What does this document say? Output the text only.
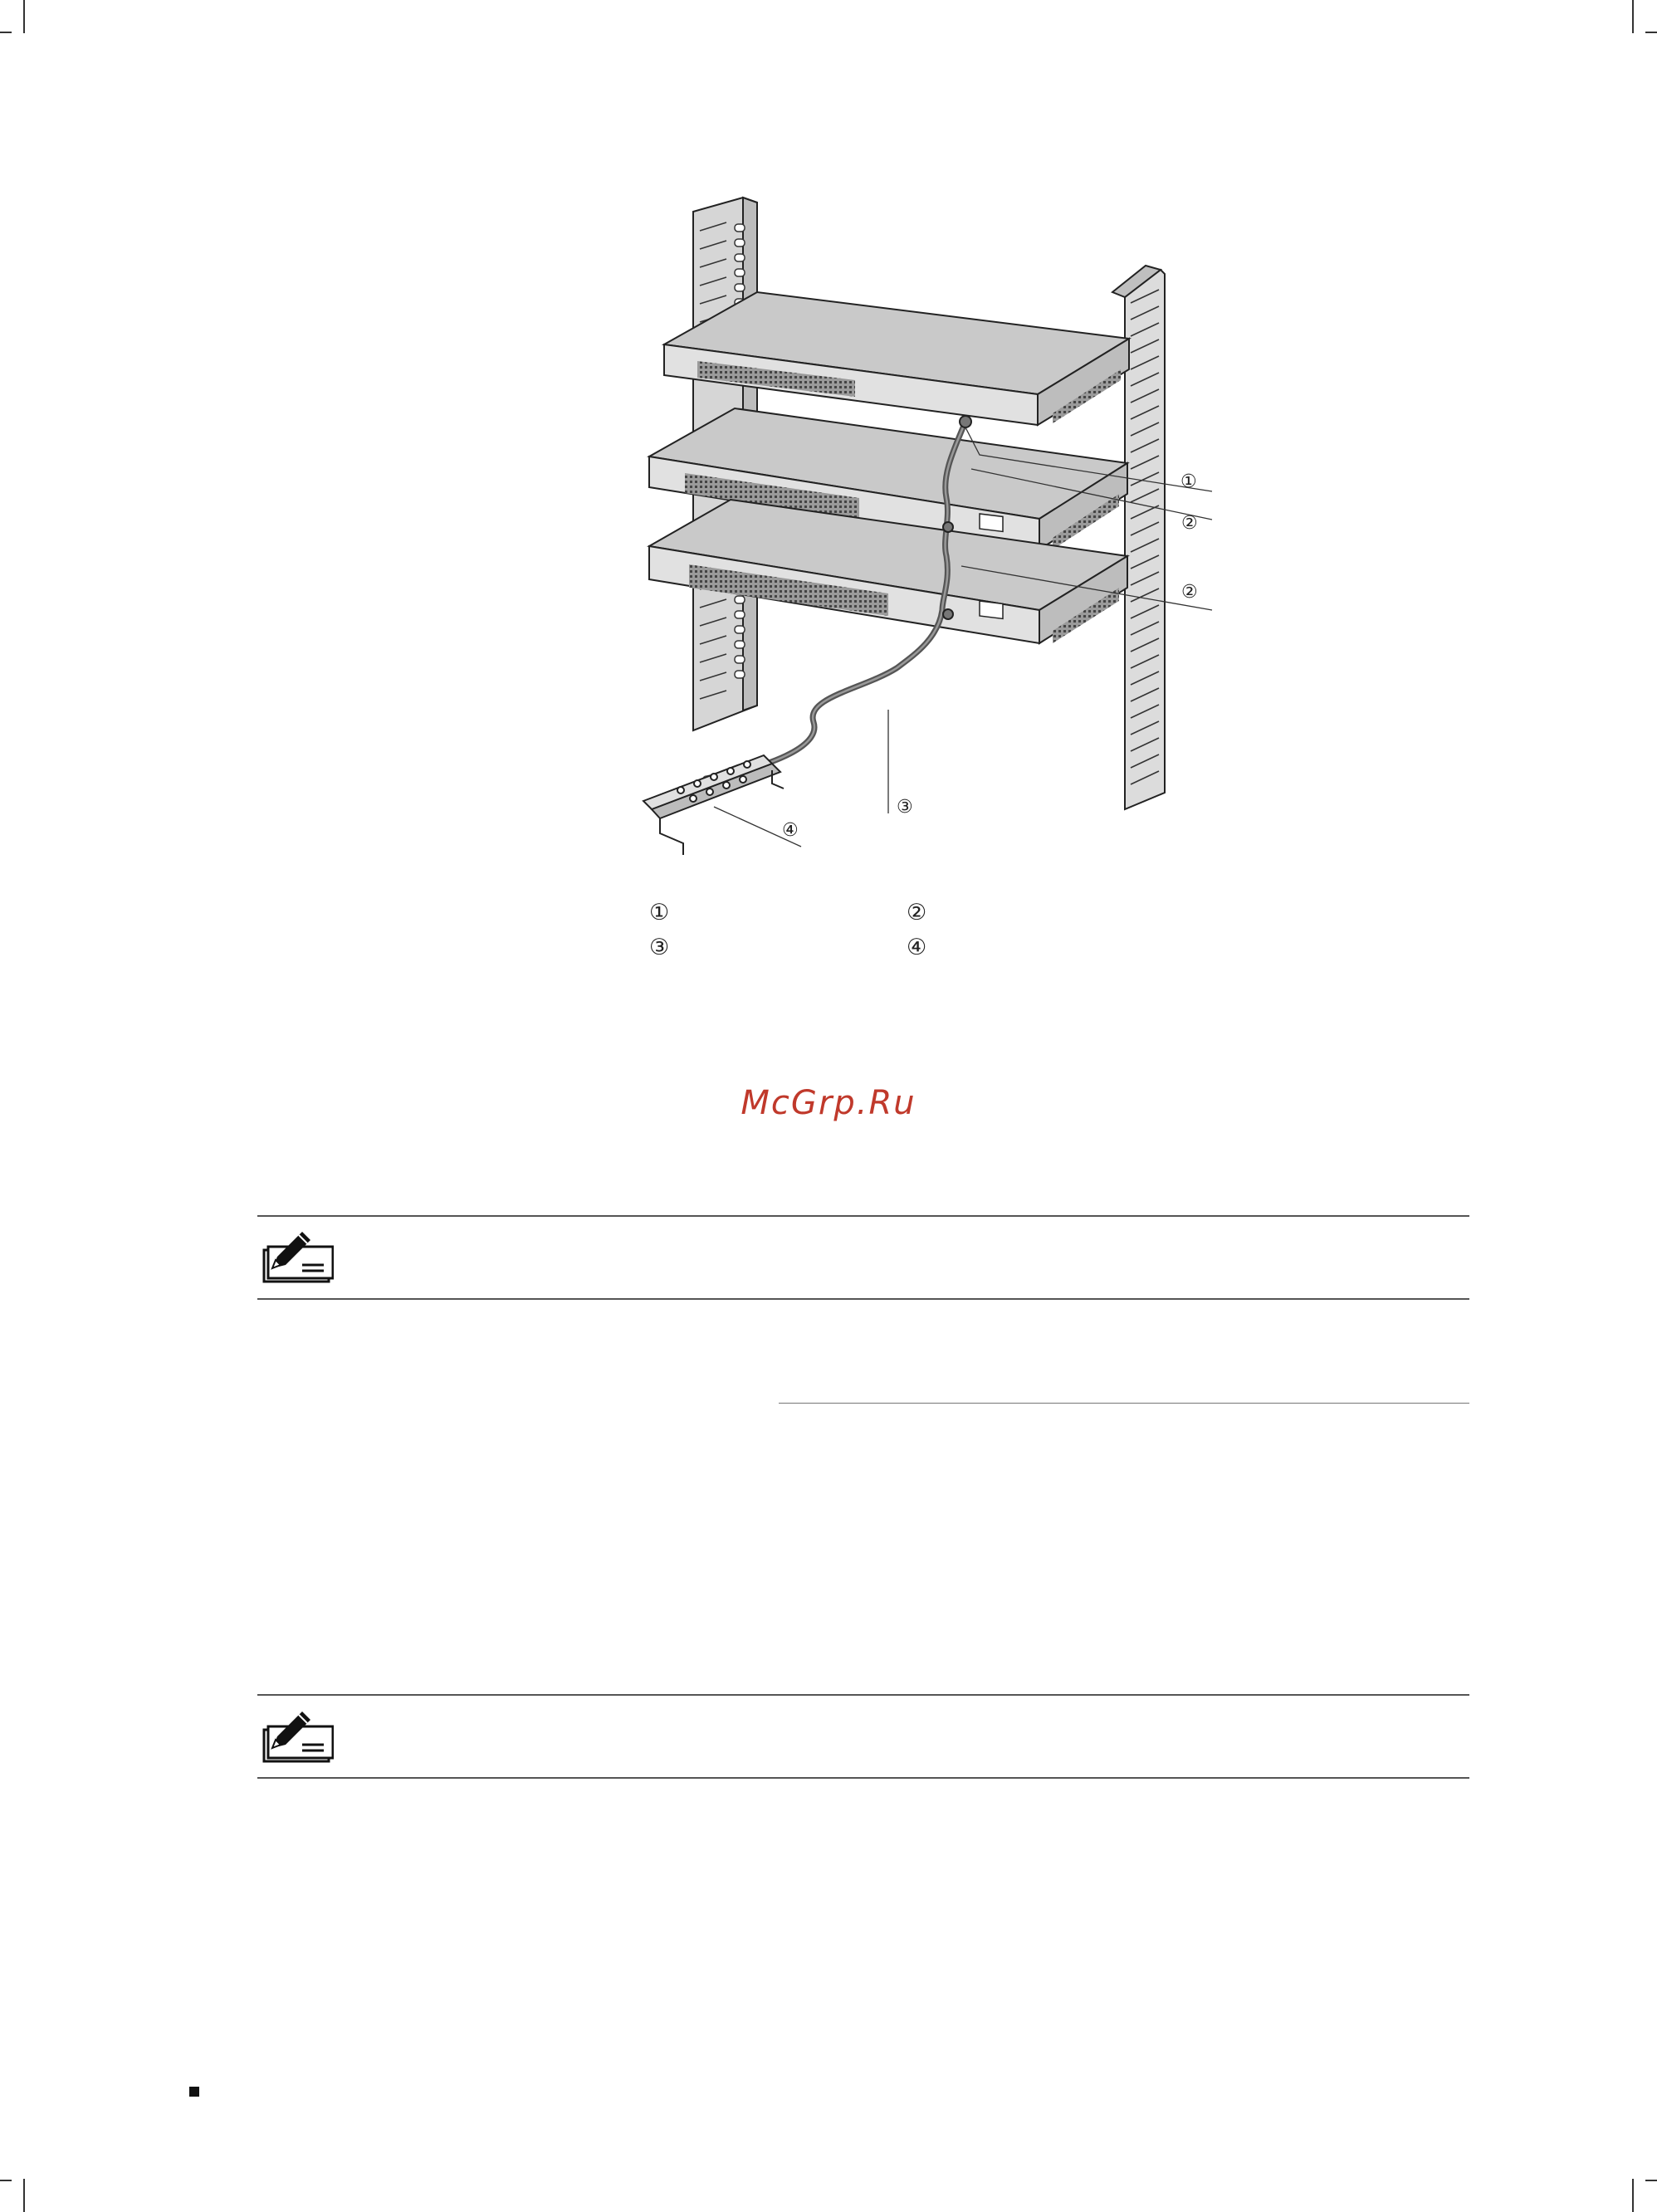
①
②
②
③
④
①	②
③	④
McGrp.Ru
